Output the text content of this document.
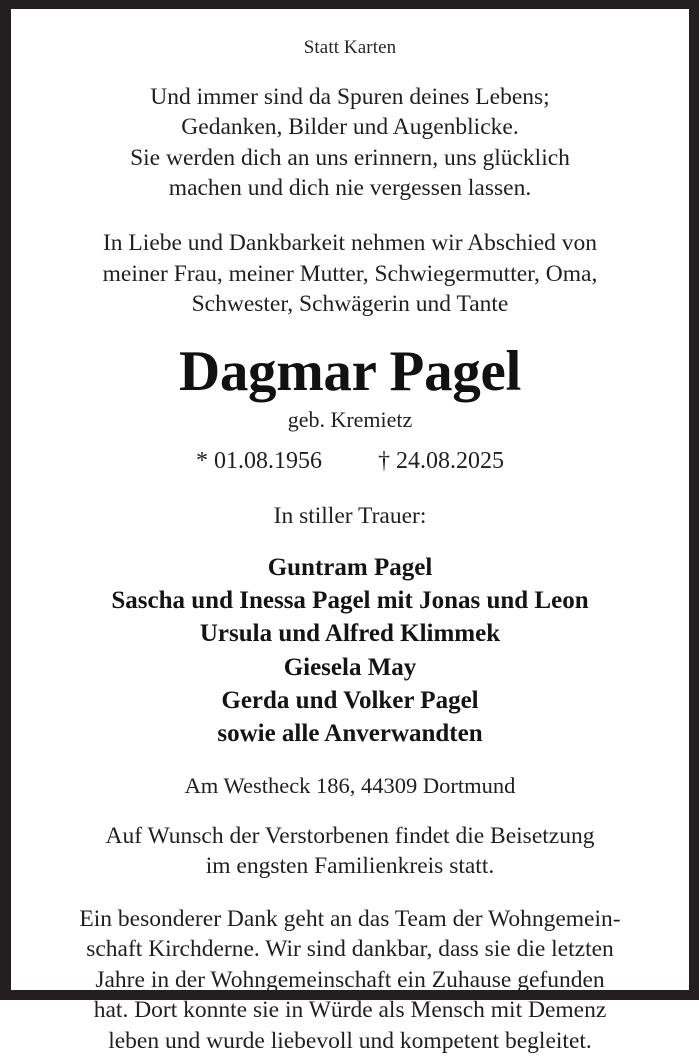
Statt Karten
Und immer sind da Spuren deines Lebens;
Gedanken, Bilder und Augenblicke.
Sie werden dich an uns erinnern, uns glücklich
machen und dich nie vergessen lassen.
In Liebe und Dankbarkeit nehmen wir Abschied von
meiner Frau, meiner Mutter, Schwiegermutter, Oma,
Schwester, Schwägerin und Tante
Dagmar Pagel
geb. Kremietz
* 01.08.1956 † 24.08.2025
In stiller Trauer:
Guntram Pagel
Sascha und Inessa Pagel mit Jonas und Leon
Ursula und Alfred Klimmek
Giesela May
Gerda und Volker Pagel
sowie alle Anverwandten
Am Westheck 186, 44309 Dortmund
Auf Wunsch der Verstorbenen findet die Beisetzung
im engsten Familienkreis statt.
Ein besonderer Dank geht an das Team der Wohngemein-
schaft Kirchderne. Wir sind dankbar, dass sie die letzten
Jahre in der Wohngemeinschaft ein Zuhause gefunden
hat. Dort konnte sie in Würde als Mensch mit Demenz
leben und wurde liebevoll und kompetent begleitet.
